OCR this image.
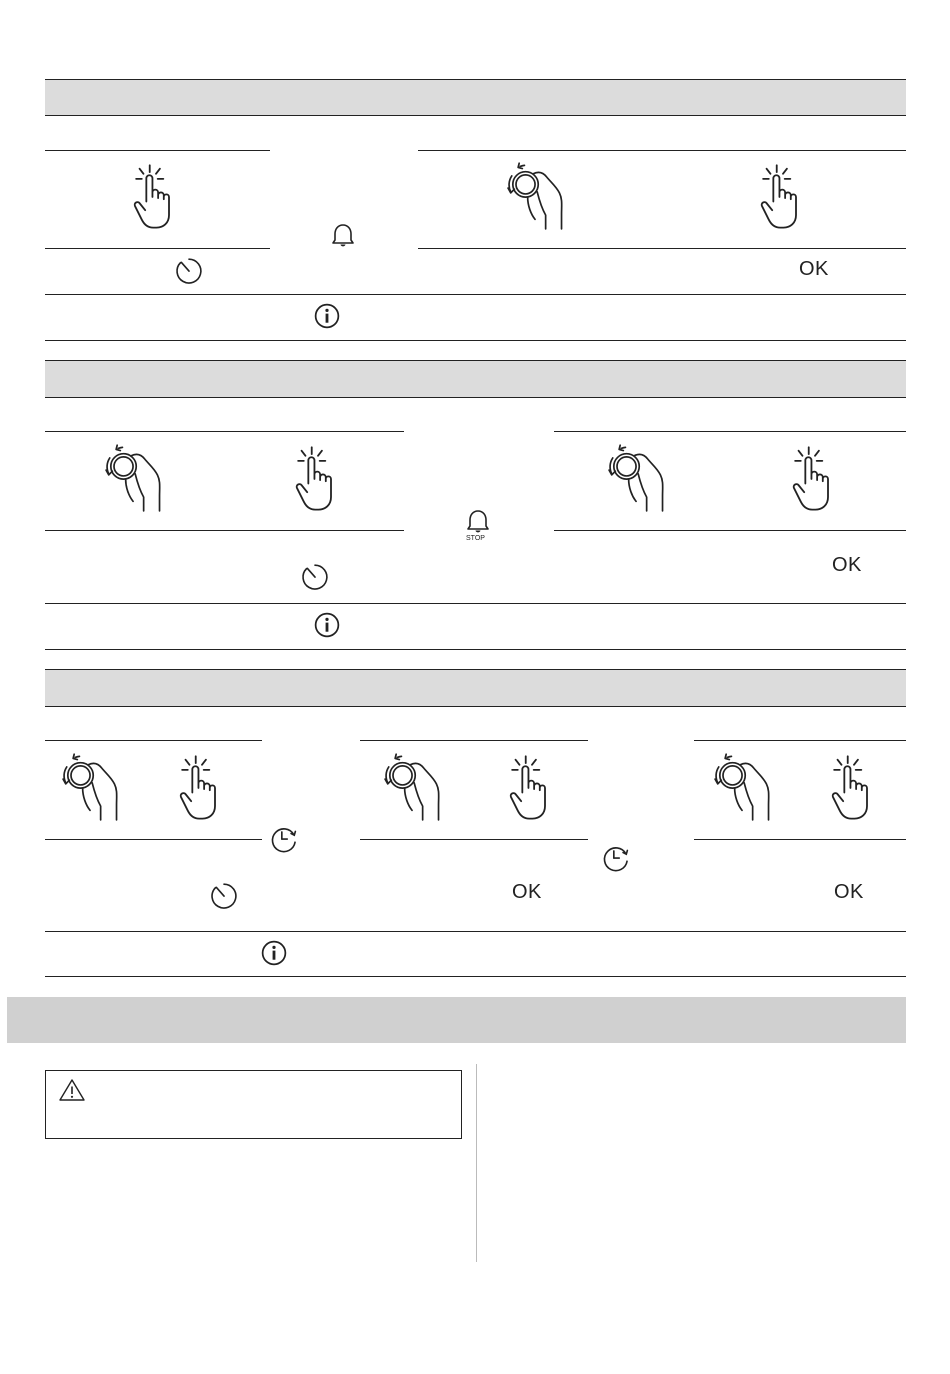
OK
STOP
OK
OK	OK
